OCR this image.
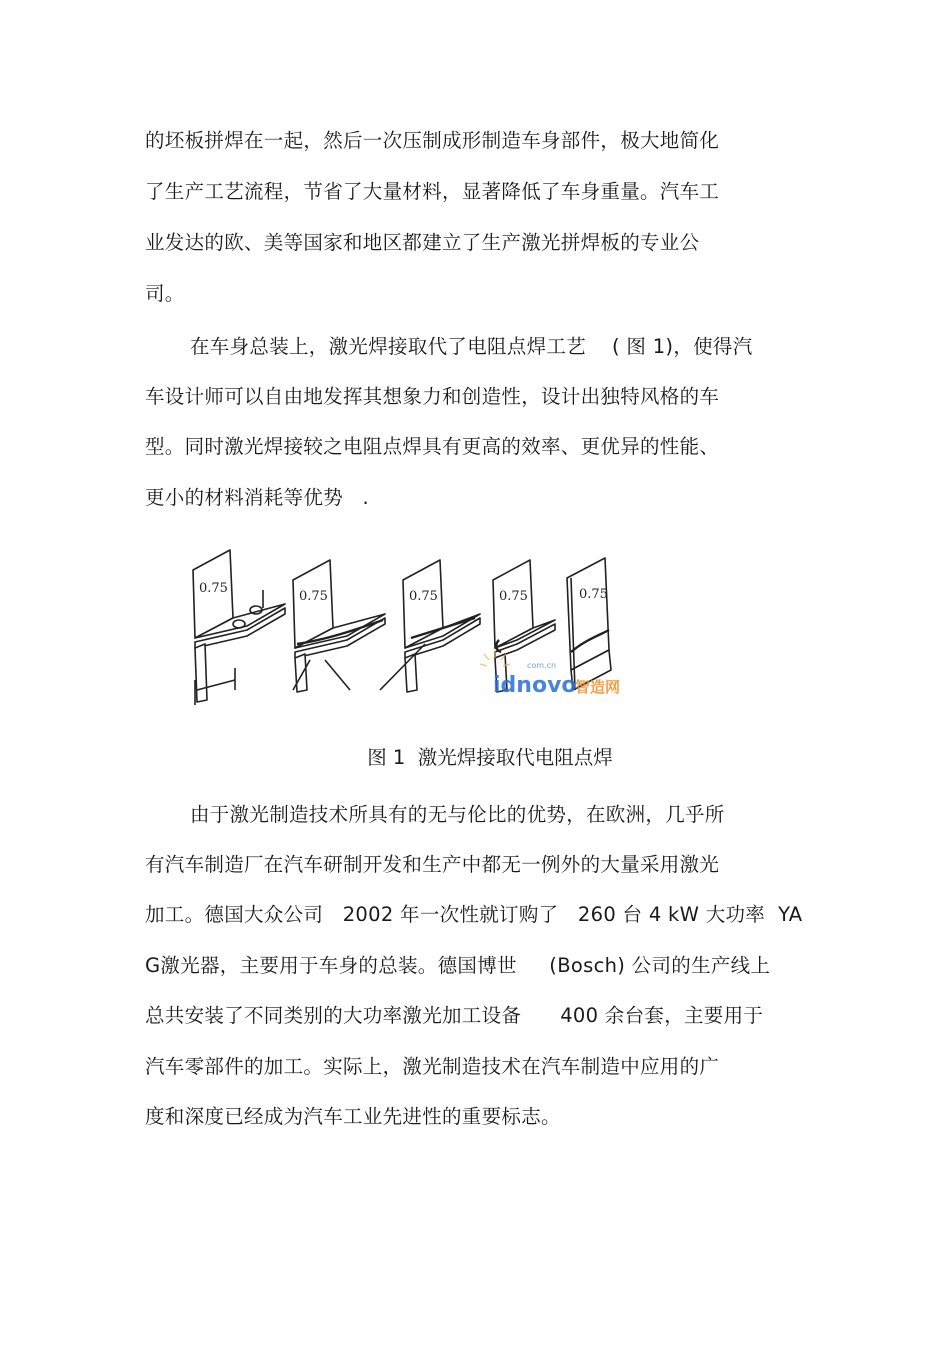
的坯板拼焊在一起，然后一次压制成形制造车身部件，极大地简化
了生产工艺流程，节省了大量材料，显著降低了车身重量。汽车工
业发达的欧、美等国家和地区都建立了生产激光拼焊板的专业公
司。
在车身总装上，激光焊接取代了电阻点焊工艺    ( 图 1)，使得汽
车设计师可以自由地发挥其想象力和创造性，设计出独特风格的车
型。同时激光焊接较之电阻点焊具有更高的效率、更优异的性能、
更小的材料消耗等优势   .
0.75
0.75	0.75	0.75	0.75
com.cn
idnovo
智造网
图 1  激光焊接取代电阻点焊
由于激光制造技术所具有的无与伦比的优势，在欧洲，几乎所
有汽车制造厂在汽车研制开发和生产中都无一例外的大量采用激光
加工。德国大众公司   2002 年一次性就订购了   260 台 4 kW 大功率  YA
G激光器，主要用于车身的总装。德国博世     (Bosch) 公司的生产线上
总共安装了不同类别的大功率激光加工设备      400 余台套，主要用于
汽车零部件的加工。实际上，激光制造技术在汽车制造中应用的广
度和深度已经成为汽车工业先进性的重要标志。
